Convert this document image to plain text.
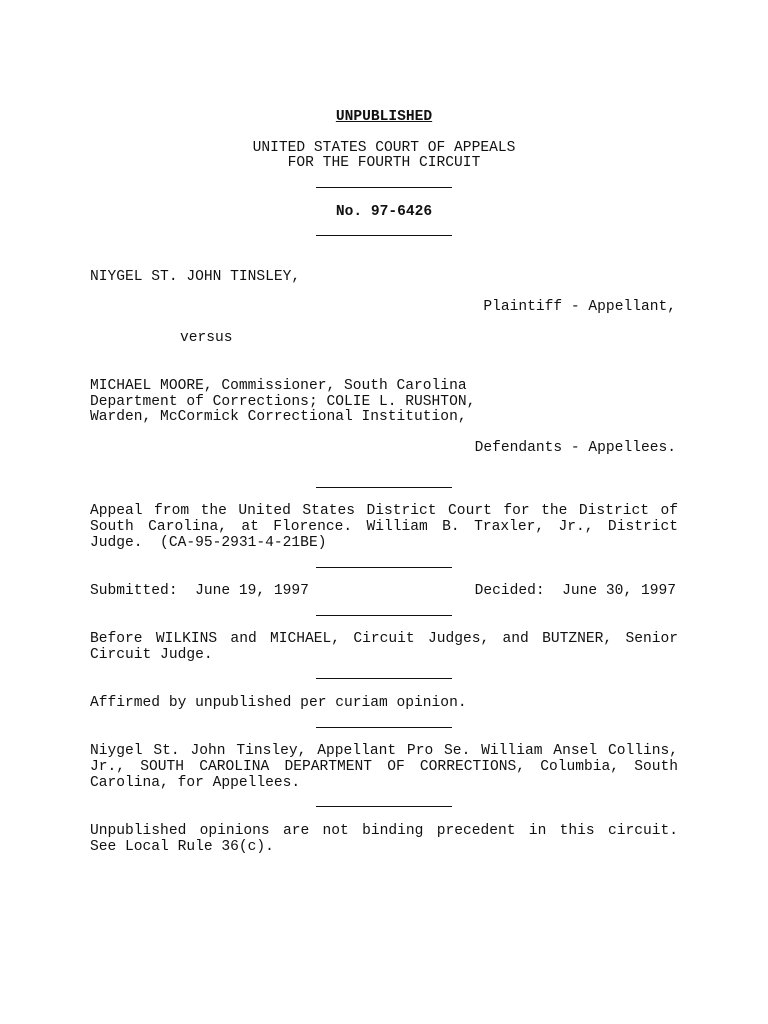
UNPUBLISHED
UNITED STATES COURT OF APPEALS
FOR THE FOURTH CIRCUIT
No. 97-6426
NIYGEL ST. JOHN TINSLEY,
Plaintiff - Appellant,
versus
MICHAEL MOORE, Commissioner, South Carolina
Department of Corrections; COLIE L. RUSHTON,
Warden, McCormick Correctional Institution,
Defendants - Appellees.
Appeal from the United States District Court for the District of
South Carolina, at Florence. William B. Traxler, Jr., District
Judge.  (CA-95-2931-4-21BE)
Submitted:  June 19, 1997	Decided:  June 30, 1997
Before WILKINS and MICHAEL, Circuit Judges, and BUTZNER, Senior
Circuit Judge.
Affirmed by unpublished per curiam opinion.
Niygel St. John Tinsley, Appellant Pro Se. William Ansel Collins,
Jr., SOUTH CAROLINA DEPARTMENT OF CORRECTIONS, Columbia, South
Carolina, for Appellees.
Unpublished opinions are not binding precedent in this circuit.
See Local Rule 36(c).
